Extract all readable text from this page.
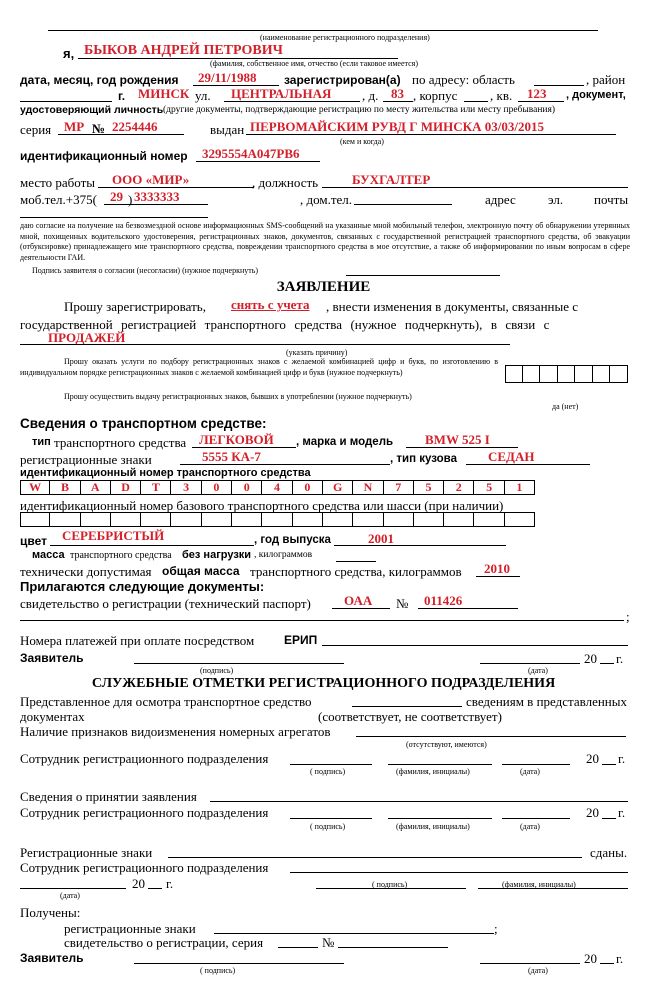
(наименование регистрационного подразделения)
я, БЫКОВ АНДРЕЙ ПЕТРОВИЧ
(фамилия, собственное имя, отчество (если таковое имеется)
дата, месяц, год рождения 29/11/1988 зарегистрирован(а) по адресу: область	, район
г. МИНСК ул. ЦЕНТРАЛЬНАЯ , д. 83 , корпус	, кв. 123 , документ,
удостоверяющий личность (другие документы, подтверждающие регистрацию по месту жительства или месту пребывания)
серия МР № 2254446	выдан ПЕРВОМАЙСКИМ РУВД Г МИНСКА 03/03/2015
(кем и когда)
идентификационный номер 3295554А047РВ6
место работы ООО «МИР»	, должность	БУХГАЛТЕР
моб.тел.+375( 29 ) 3333333	, дом.тел.	адрес эл. почты
даю согласие на получение на безвозмездной основе информационных SMS-сообщений на указанные мной мобильный телефон, электронную почту об обнаружении утерянных мной, похищенных водительского удостоверения, регистрационных знаков, документов, связанных с государственной регистрацией транспортного средства, об эвакуации (отбуксировке) принадлежащего мне транспортного средства, повреждении транспортного средства в мое отсутствие, а также об информировании по иным вопросам в сфере деятельности ГАИ.
Подпись заявителя о согласии (несогласии) (нужное подчеркнуть)
ЗАЯВЛЕНИЕ
Прошу зарегистрировать, снять с учета , внести изменения в документы, связанные с
государственной регистрацией транспортного средства (нужное подчеркнуть), в связи с
ПРОДАЖЕЙ
(указать причину)
Прошу оказать услуги по подбору регистрационных знаков с желаемой комбинацией цифр и букв, по изготовлению в индивидуальном порядке регистрационных знаков с желаемой комбинацией цифр и букв (нужное подчеркнуть)
Прошу осуществить выдачу регистрационных знаков, бывших в употреблении (нужное подчеркнуть)
да (нет)
Сведения о транспортном средстве:
тип транспортного средства ЛЕГКОВОЙ , марка и модель BMW 525 I
регистрационные знаки	5555 КА-7	, тип кузова СЕДАН
идентификационный номер транспортного средства
W	B	A	D	T	3	0	0	4	0	G	N	7	5	2	5	1
идентификационный номер базового транспортного средства или шасси (при наличии)
цвет СЕРЕБРИСТЫЙ	, год выпуска	2001
масса транспортного средства без нагрузки , килограммов
технически допустимая общая масса транспортного средства, килограммов 2010
Прилагаются следующие документы:
свидетельство о регистрации (технический паспорт)	ОАА № 011426
;
Номера платежей при оплате посредством ЕРИП
Заявитель	20 г.
(подпись)	(дата)
СЛУЖЕБНЫЕ ОТМЕТКИ РЕГИСТРАЦИОННОГО ПОДРАЗДЕЛЕНИЯ
Представленное для осмотра транспортное средство	сведениям в представленных
документах	(соответствует, не соответствует)
Наличие признаков видоизменения номерных агрегатов
(отсутствуют, имеются)
Сотрудник регистрационного подразделения	20 г.
( подпись)	(фамилия, инициалы)	(дата)
Сведения о принятии заявления
Сотрудник регистрационного подразделения	20 г.
( подпись)	(фамилия, инициалы)	(дата)
Регистрационные знаки	сданы.
Сотрудник регистрационного подразделения
20 г.
(дата)
( подпись)	(фамилия, инициалы)
Получены:
регистрационные знаки	;
свидетельство о регистрации, серия	№
Заявитель	20 г.
( подпись)	(дата)
